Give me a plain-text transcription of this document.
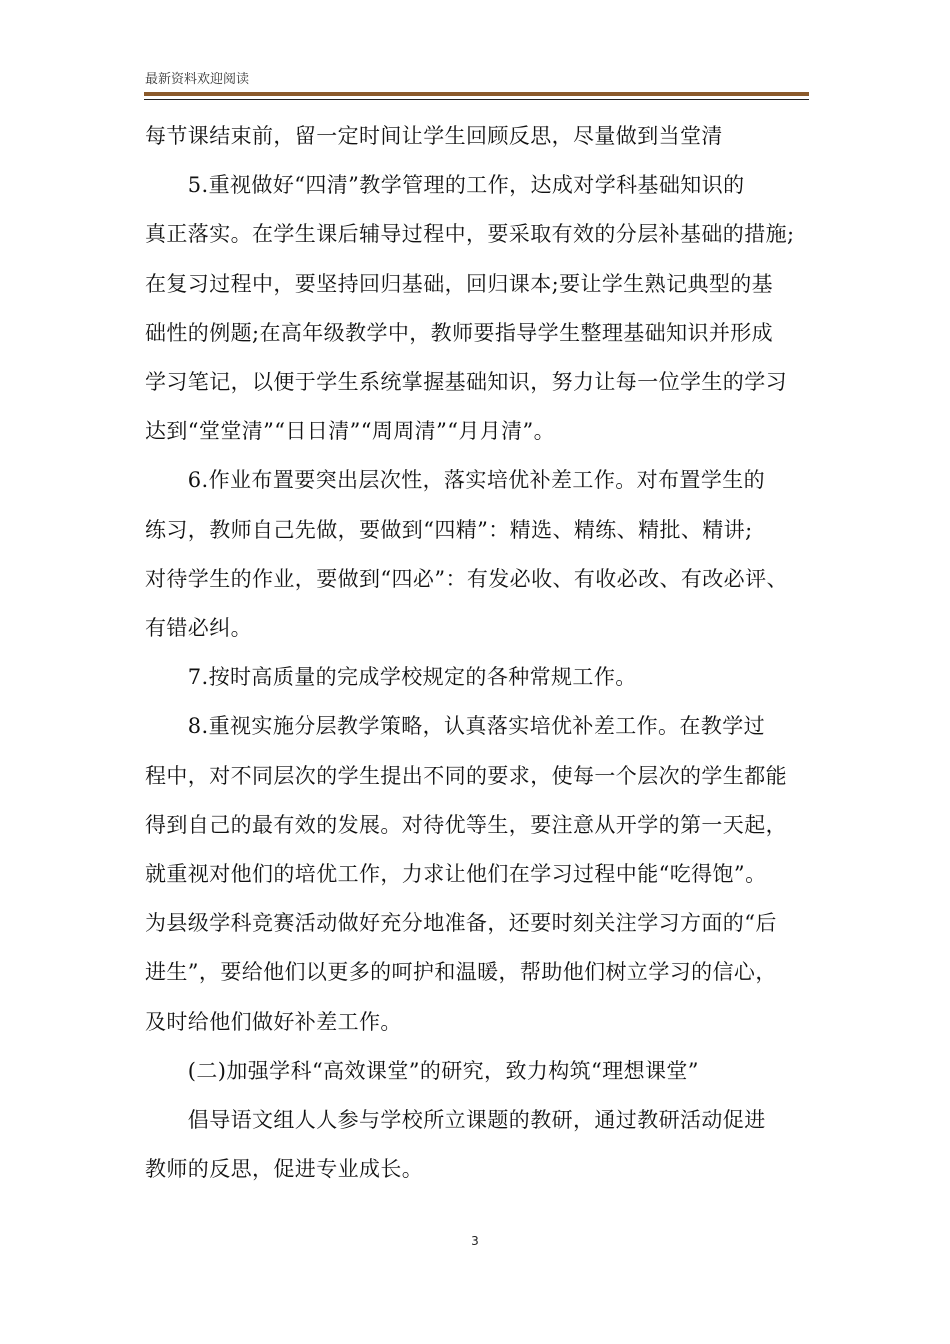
最新资料欢迎阅读

每节课结束前，留一定时间让学生回顾反思，尽量做到当堂清

　　5.重视做好“四清”教学管理的工作，达成对学科基础知识的
真正落实。在学生课后辅导过程中，要采取有效的分层补基础的措施;
在复习过程中，要坚持回归基础，回归课本;要让学生熟记典型的基
础性的例题;在高年级教学中，教师要指导学生整理基础知识并形成
学习笔记，以便于学生系统掌握基础知识，努力让每一位学生的学习
达到“堂堂清”“日日清”“周周清”“月月清”。

　　6.作业布置要突出层次性，落实培优补差工作。对布置学生的
练习，教师自己先做，要做到“四精”：精选、精练、精批、精讲;
对待学生的作业，要做到“四必”：有发必收、有收必改、有改必评、
有错必纠。

　　7.按时高质量的完成学校规定的各种常规工作。

　　8.重视实施分层教学策略，认真落实培优补差工作。在教学过
程中，对不同层次的学生提出不同的要求，使每一个层次的学生都能
得到自己的最有效的发展。对待优等生，要注意从开学的第一天起，
就重视对他们的培优工作，力求让他们在学习过程中能“吃得饱”。
为县级学科竞赛活动做好充分地准备，还要时刻关注学习方面的“后
进生”，要给他们以更多的呵护和温暖，帮助他们树立学习的信心，
及时给他们做好补差工作。

　　(二)加强学科“高效课堂”的研究，致力构筑“理想课堂”

　　倡导语文组人人参与学校所立课题的教研，通过教研活动促进
教师的反思，促进专业成长。

3
